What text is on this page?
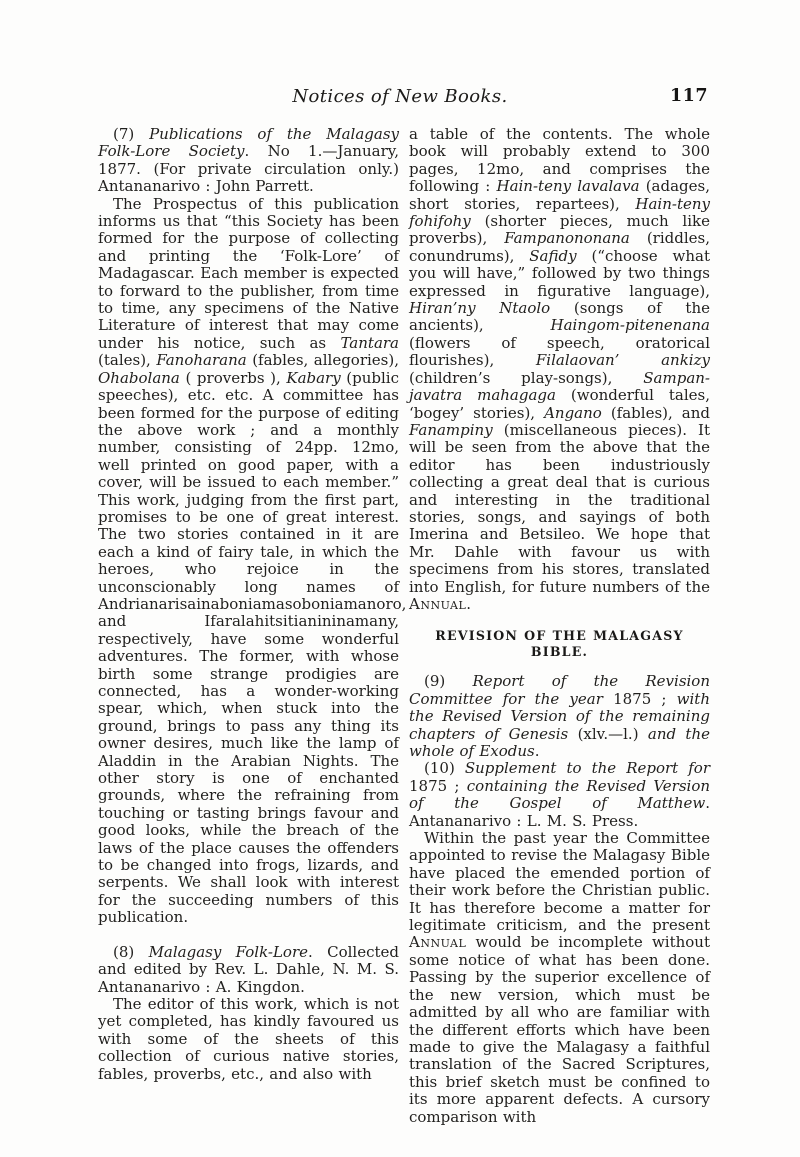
Notices of New Books.	117

(7) Publications of the Malagasy Folk-Lore Society. No 1.—January, 1877. (For private circulation only.) Antananarivo : John Parrett.

The Prospectus of this publication informs us that “this Society has been formed for the purpose of collecting and printing the ‘Folk-Lore’ of Madagascar. Each member is expected to forward to the publisher, from time to time, any specimens of the Native Literature of interest that may come under his notice, such as Tantara (tales), Fanoharana (fables, allegories), Ohabolana ( proverbs ), Kabary (public speeches), etc. etc. A committee has been formed for the purpose of editing the above work ; and a monthly number, consisting of 24pp. 12mo, well printed on good paper, with a cover, will be issued to each member.” This work, judging from the first part, promises to be one of great interest. The two stories contained in it are each a kind of fairy tale, in which the heroes, who rejoice in the unconscionably long names of Andrianarisainaboniamasoboniamanoro, and Ifaralahitsitianininamany, respectively, have some wonderful adventures. The former, with whose birth some strange prodigies are connected, has a wonder-working spear, which, when stuck into the ground, brings to pass any thing its owner desires, much like the lamp of Aladdin in the Arabian Nights. The other story is one of enchanted grounds, where the refraining from touching or tasting brings favour and good looks, while the breach of the laws of the place causes the offenders to be changed into frogs, lizards, and serpents. We shall look with interest for the succeeding numbers of this publication.

(8) Malagasy Folk-Lore. Collected and edited by Rev. L. Dahle, N. M. S. Antananarivo : A. Kingdon.

The editor of this work, which is not yet completed, has kindly favoured us with some of the sheets of this collection of curious native stories, fables, proverbs, etc., and also with

a table of the contents. The whole book will probably extend to 300 pages, 12mo, and comprises the following : Hain-teny lavalava (adages, short stories, repartees), Hain-teny fohifohy (shorter pieces, much like proverbs), Fampanononana (riddles, conundrums), Safidy (“choose what you will have,” followed by two things expressed in figurative language), Hiran’ny Ntaolo (songs of the ancients), Haingom-pitenenana (flowers of speech, oratorical flourishes), Filalaovan’ ankizy (children’s play-songs), Sampan-javatra mahagaga (wonderful tales, ‘bogey’ stories), Angano (fables), and Fanampiny (miscellaneous pieces). It will be seen from the above that the editor has been industriously collecting a great deal that is curious and interesting in the traditional stories, songs, and sayings of both Imerina and Betsileo. We hope that Mr. Dahle with favour us with specimens from his stores, translated into English, for future numbers of the Annual.

REVISION OF THE MALAGASY BIBLE.

(9) Report of the Revision Committee for the year 1875 ; with the Revised Version of the remaining chapters of Genesis (xlv.—l.) and the whole of Exodus.

(10) Supplement to the Report for 1875 ; containing the Revised Version of the Gospel of Matthew. Antananarivo : L. M. S. Press.

Within the past year the Committee appointed to revise the Malagasy Bible have placed the emended portion of their work before the Christian public. It has therefore become a matter for legitimate criticism, and the present Annual would be incomplete without some notice of what has been done. Passing by the superior excellence of the new version, which must be admitted by all who are familiar with the different efforts which have been made to give the Malagasy a faithful translation of the Sacred Scriptures, this brief sketch must be confined to its more apparent defects. A cursory comparison with
